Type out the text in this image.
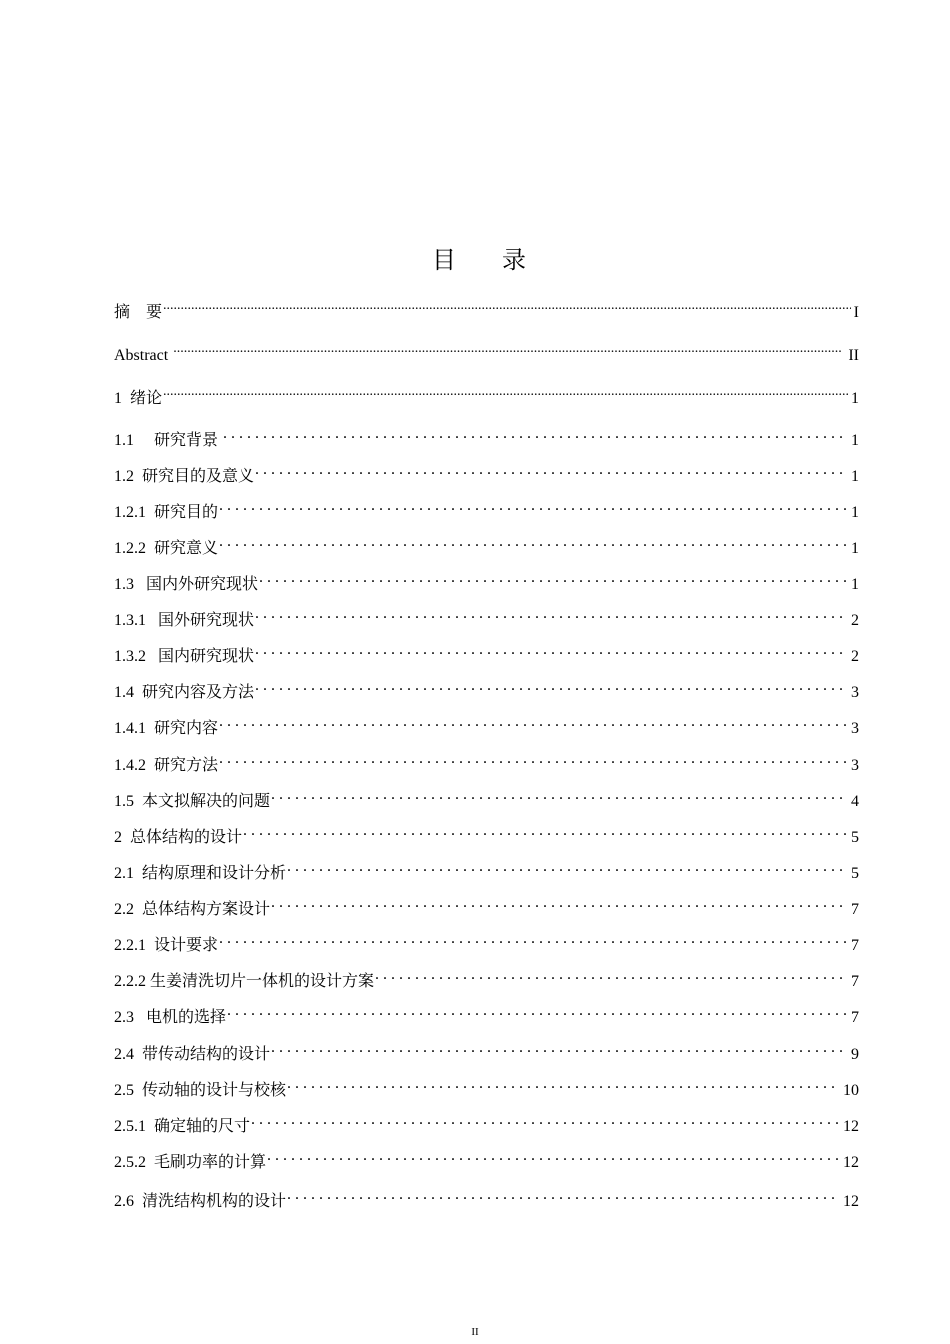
目 录
摘　要 .....	I
Abstract .....	II
1  绪论 .....	1
1.1     研究背景 . . .	1
1.2  研究目的及意义 . . .	1
1.2.1  研究目的 . . .	1
1.2.2  研究意义 . . .	1
1.3   国内外研究现状 . . .	1
1.3.1   国外研究现状 . . .	2
1.3.2   国内研究现状 . . .	2
1.4  研究内容及方法 . . .	3
1.4.1  研究内容 . . .	3
1.4.2  研究方法 . . .	3
1.5  本文拟解决的问题 . . .	4
2  总体结构的设计 . . .	5
2.1  结构原理和设计分析 . . .	5
2.2  总体结构方案设计 . . .	7
2.2.1  设计要求 . . .	7
2.2.2 生姜清洗切片一体机的设计方案 . . .	7
2.3   电机的选择 . . .	7
2.4  带传动结构的设计 . . .	9
2.5  传动轴的设计与校核 . . .	10
2.5.1  确定轴的尺寸 . . .	12
2.5.2  毛刷功率的计算 . . .	12
2.6  清洗结构机构的设计 . . .	12
II
